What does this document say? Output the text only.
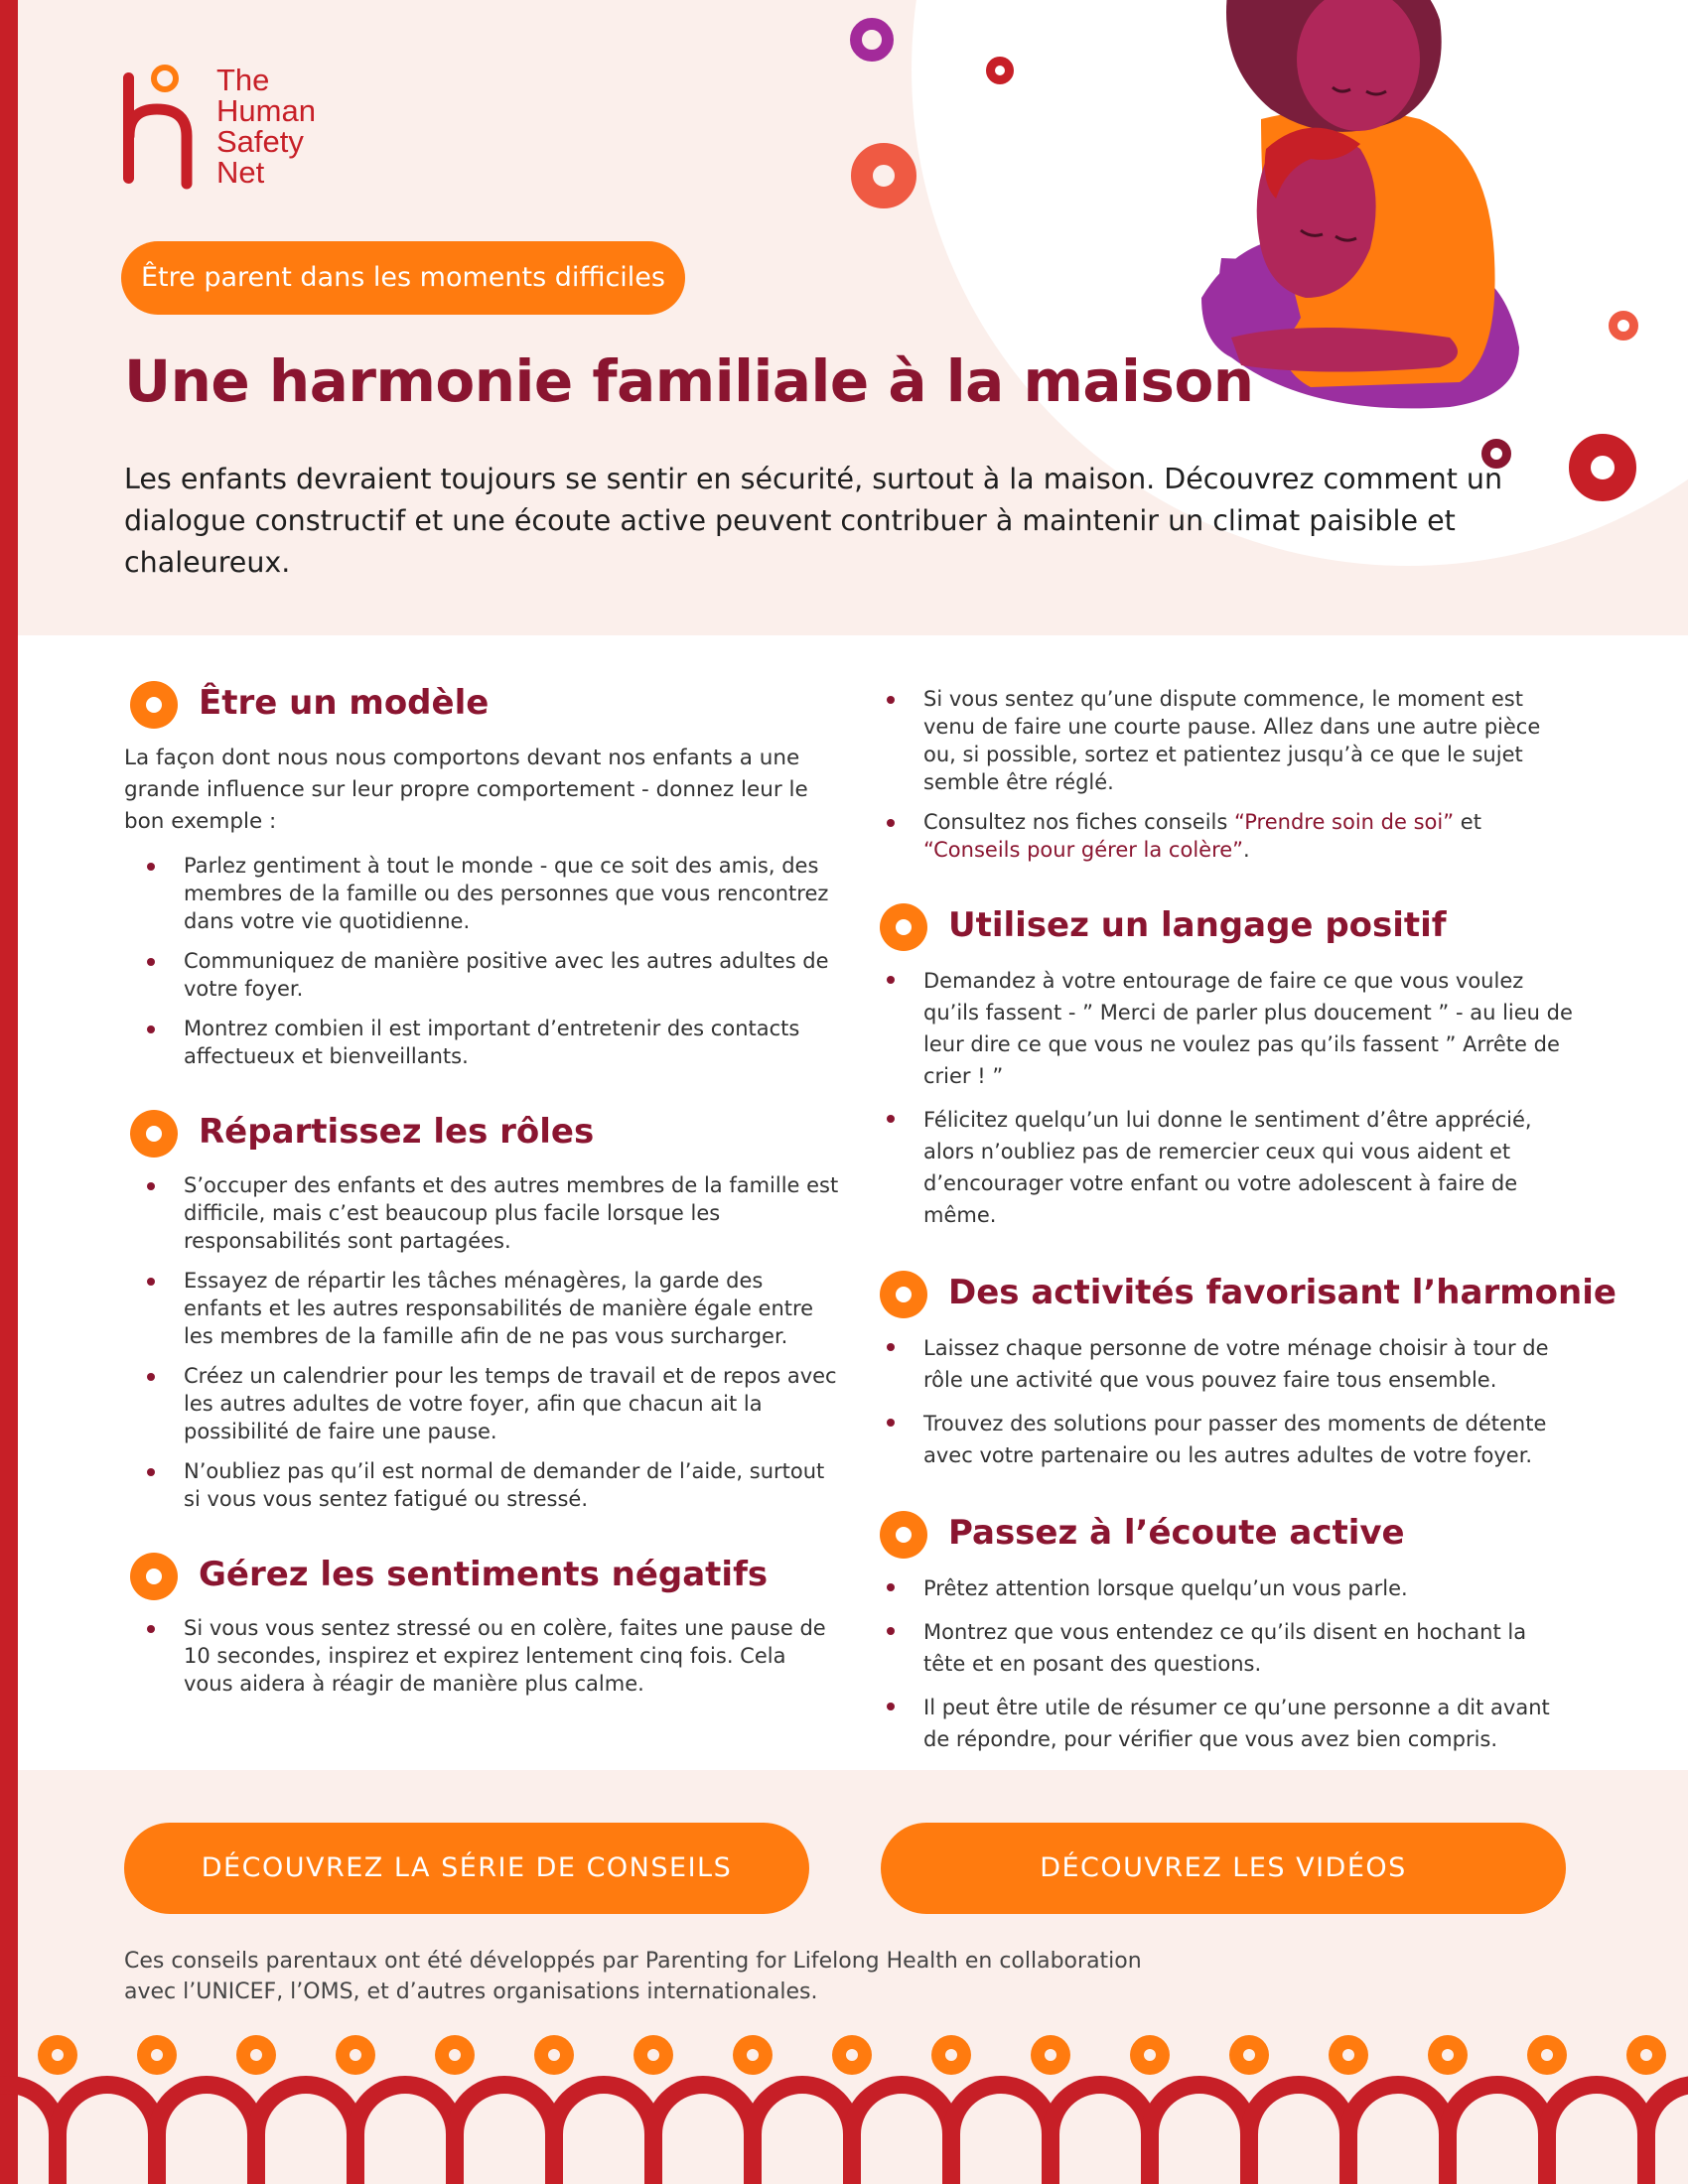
The
Human
Safety
Net
Être parent dans les moments difficiles
Une harmonie familiale à la maison

Les enfants devraient toujours se sentir en sécurité, surtout à la maison. Découvrez comment un dialogue constructif et une écoute active peuvent contribuer à maintenir un climat paisible et chaleureux.

Être un modèle

La façon dont nous nous comportons devant nos enfants a une grande influence sur leur propre comportement - donnez leur le bon exemple :

Parlez gentiment à tout le monde - que ce soit des amis, des membres de la famille ou des personnes que vous rencontrez dans votre vie quotidienne.
Communiquez de manière positive avec les autres adultes de votre foyer.
Montrez combien il est important d’entretenir des contacts affectueux et bienveillants.
Répartissez les rôles
S’occuper des enfants et des autres membres de la famille est difficile, mais c’est beaucoup plus facile lorsque les responsabilités sont partagées.
Essayez de répartir les tâches ménagères, la garde des enfants et les autres responsabilités de manière égale entre les membres de la famille afin de ne pas vous surcharger.
Créez un calendrier pour les temps de travail et de repos avec les autres adultes de votre foyer, afin que chacun ait la possibilité de faire une pause.
N’oubliez pas qu’il est normal de demander de l’aide, surtout si vous vous sentez fatigué ou stressé.
Gérez les sentiments négatifs
Si vous vous sentez stressé ou en colère, faites une pause de 10 secondes, inspirez et expirez lentement cinq fois. Cela vous aidera à réagir de manière plus calme.
Si vous sentez qu’une dispute commence, le moment est venu de faire une courte pause. Allez dans une autre pièce ou, si possible, sortez et patientez jusqu’à ce que le sujet semble être réglé.
Consultez nos fiches conseils “Prendre soin de soi” et “Conseils pour gérer la colère”.
Utilisez un langage positif
Demandez à votre entourage de faire ce que vous voulez qu’ils fassent - ” Merci de parler plus doucement ” - au lieu de leur dire ce que vous ne voulez pas qu’ils fassent ” Arrête de crier ! ”
Félicitez quelqu’un lui donne le sentiment d’être apprécié, alors n’oubliez pas de remercier ceux qui vous aident et d’encourager votre enfant ou votre adolescent à faire de même.
Des activités favorisant l’harmonie
Laissez chaque personne de votre ménage choisir à tour de rôle une activité que vous pouvez faire tous ensemble.
Trouvez des solutions pour passer des moments de détente avec votre partenaire ou les autres adultes de votre foyer.
Passez à l’écoute active
Prêtez attention lorsque quelqu’un vous parle.
Montrez que vous entendez ce qu’ils disent en hochant la tête et en posant des questions.
Il peut être utile de résumer ce qu’une personne a dit avant de répondre, pour vérifier que vous avez bien compris.
DÉCOUVREZ LA SÉRIE DE CONSEILS	DÉCOUVREZ LES VIDÉOS
Ces conseils parentaux ont été développés par Parenting for Lifelong Health en collaboration
avec l’UNICEF, l’OMS, et d’autres organisations internationales.
